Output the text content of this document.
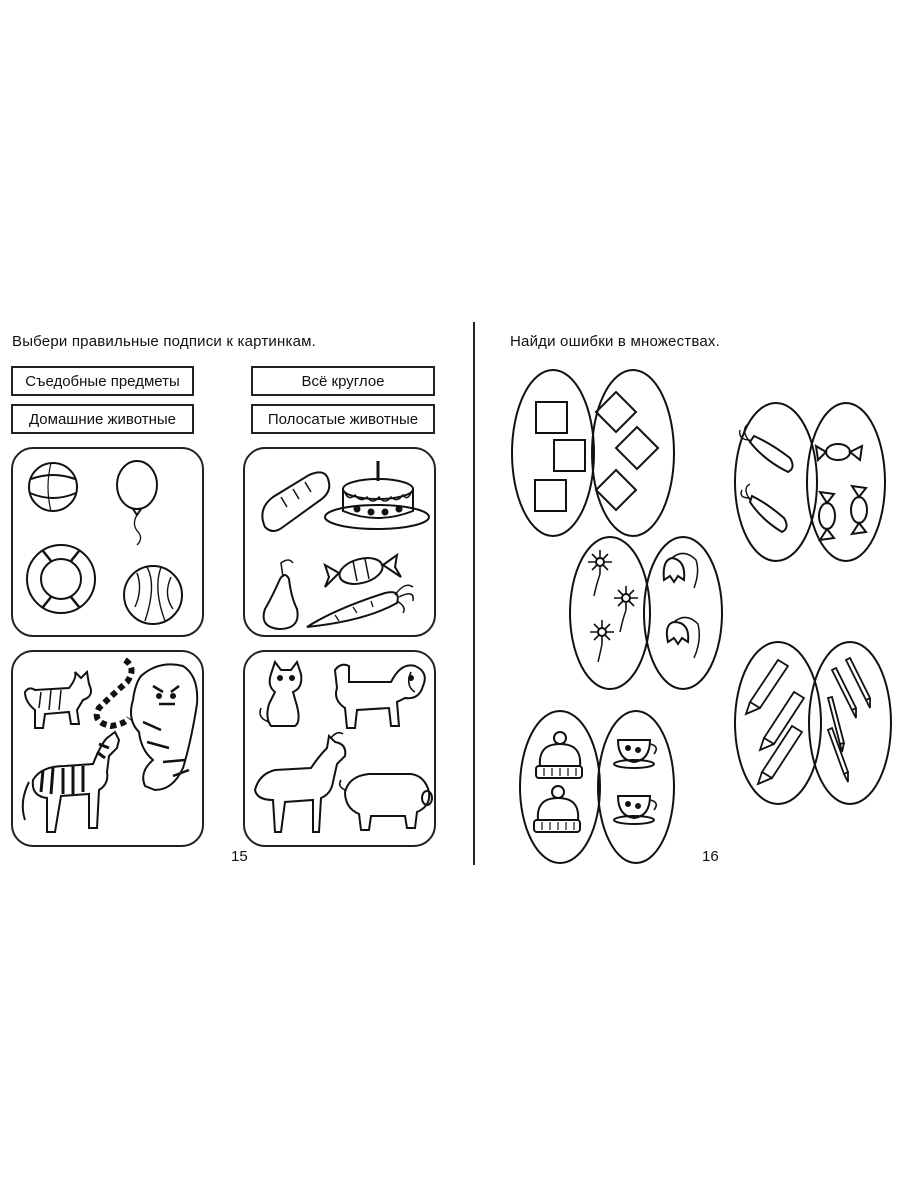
Выбери правильные подписи к картинкам.
Съедобные предметы	Всё круглое
Домашние животные	Полосатые животные
15
Найди ошибки в множествах.
16
